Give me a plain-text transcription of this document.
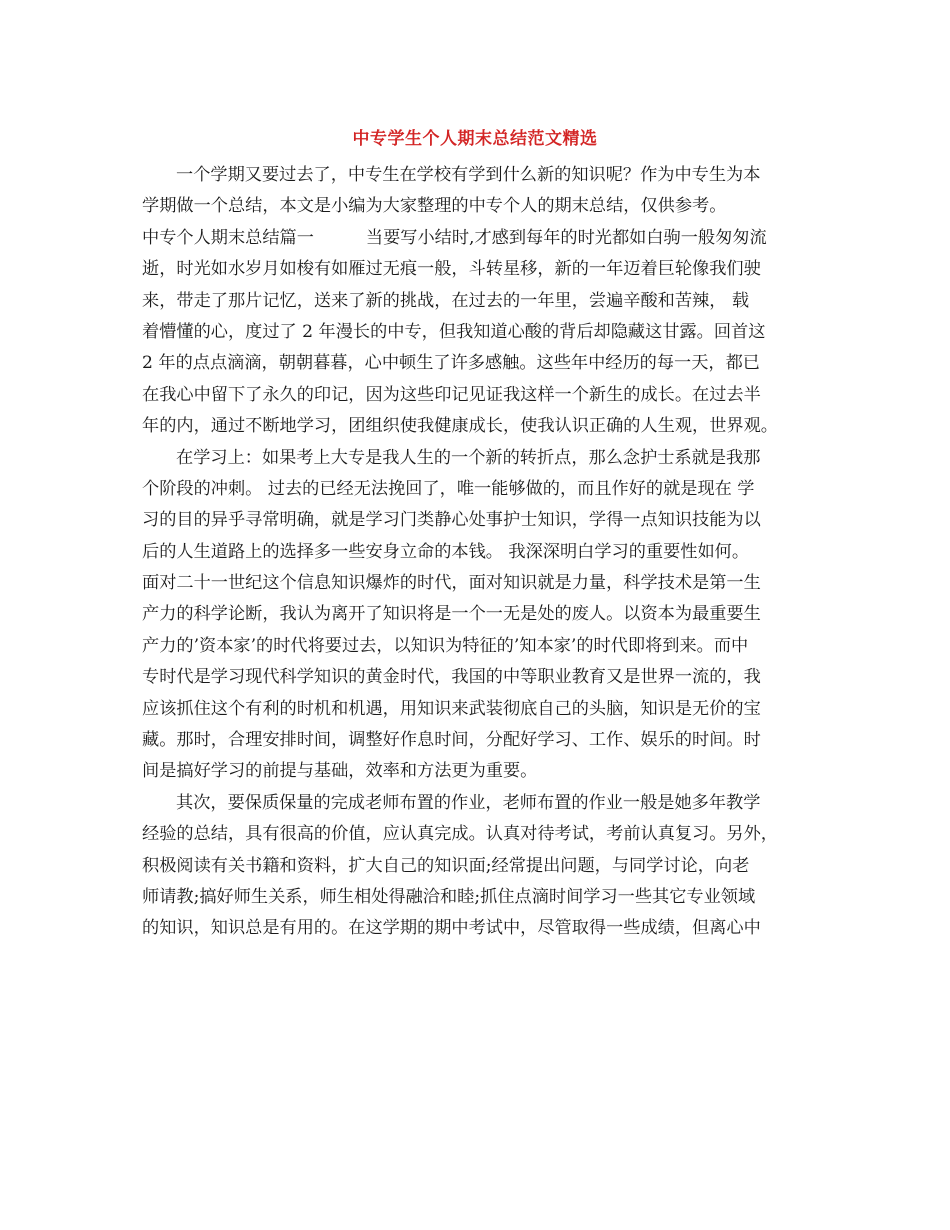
中专学生个人期末总结范文精选
一个学期又要过去了，中专生在学校有学到什么新的知识呢？作为中专生为本
学期做一个总结，本文是小编为大家整理的中专个人的期末总结，仅供参考。
中专个人期末总结篇一	当要写小结时,才感到每年的时光都如白驹一般匆匆流
逝，时光如水岁月如梭有如雁过无痕一般，斗转星移，新的一年迈着巨轮像我们驶
来，带走了那片记忆，送来了新的挑战，在过去的一年里，尝遍辛酸和苦辣， 载
着懵懂的心，度过了 2 年漫长的中专，但我知道心酸的背后却隐藏这甘露。回首这
2 年的点点滴滴，朝朝暮暮，心中顿生了许多感触。这些年中经历的每一天，都已
在我心中留下了永久的印记，因为这些印记见证我这样一个新生的成长。在过去半
年的内，通过不断地学习，团组织使我健康成长，使我认识正确的人生观，世界观。
在学习上：如果考上大专是我人生的一个新的转折点，那么念护士系就是我那
个阶段的冲刺。 过去的已经无法挽回了，唯一能够做的，而且作好的就是现在 学
习的目的异乎寻常明确，就是学习门类静心处事护士知识，学得一点知识技能为以
后的人生道路上的选择多一些安身立命的本钱。 我深深明白学习的重要性如何。
面对二十一世纪这个信息知识爆炸的时代，面对知识就是力量，科学技术是第一生
产力的科学论断，我认为离开了知识将是一个一无是处的废人。以资本为最重要生
产力的’资本家’的时代将要过去，以知识为特征的’知本家’的时代即将到来。而中
专时代是学习现代科学知识的黄金时代，我国的中等职业教育又是世界一流的，我
应该抓住这个有利的时机和机遇，用知识来武装彻底自己的头脑，知识是无价的宝
藏。那时，合理安排时间，调整好作息时间，分配好学习、工作、娱乐的时间。时
间是搞好学习的前提与基础，效率和方法更为重要。
其次，要保质保量的完成老师布置的作业，老师布置的作业一般是她多年教学
经验的总结，具有很高的价值，应认真完成。认真对待考试，考前认真复习。另外，
积极阅读有关书籍和资料，扩大自己的知识面;经常提出问题，与同学讨论，向老
师请教;搞好师生关系，师生相处得融洽和睦;抓住点滴时间学习一些其它专业领域
的知识，知识总是有用的。在这学期的期中考试中，尽管取得一些成绩，但离心中
